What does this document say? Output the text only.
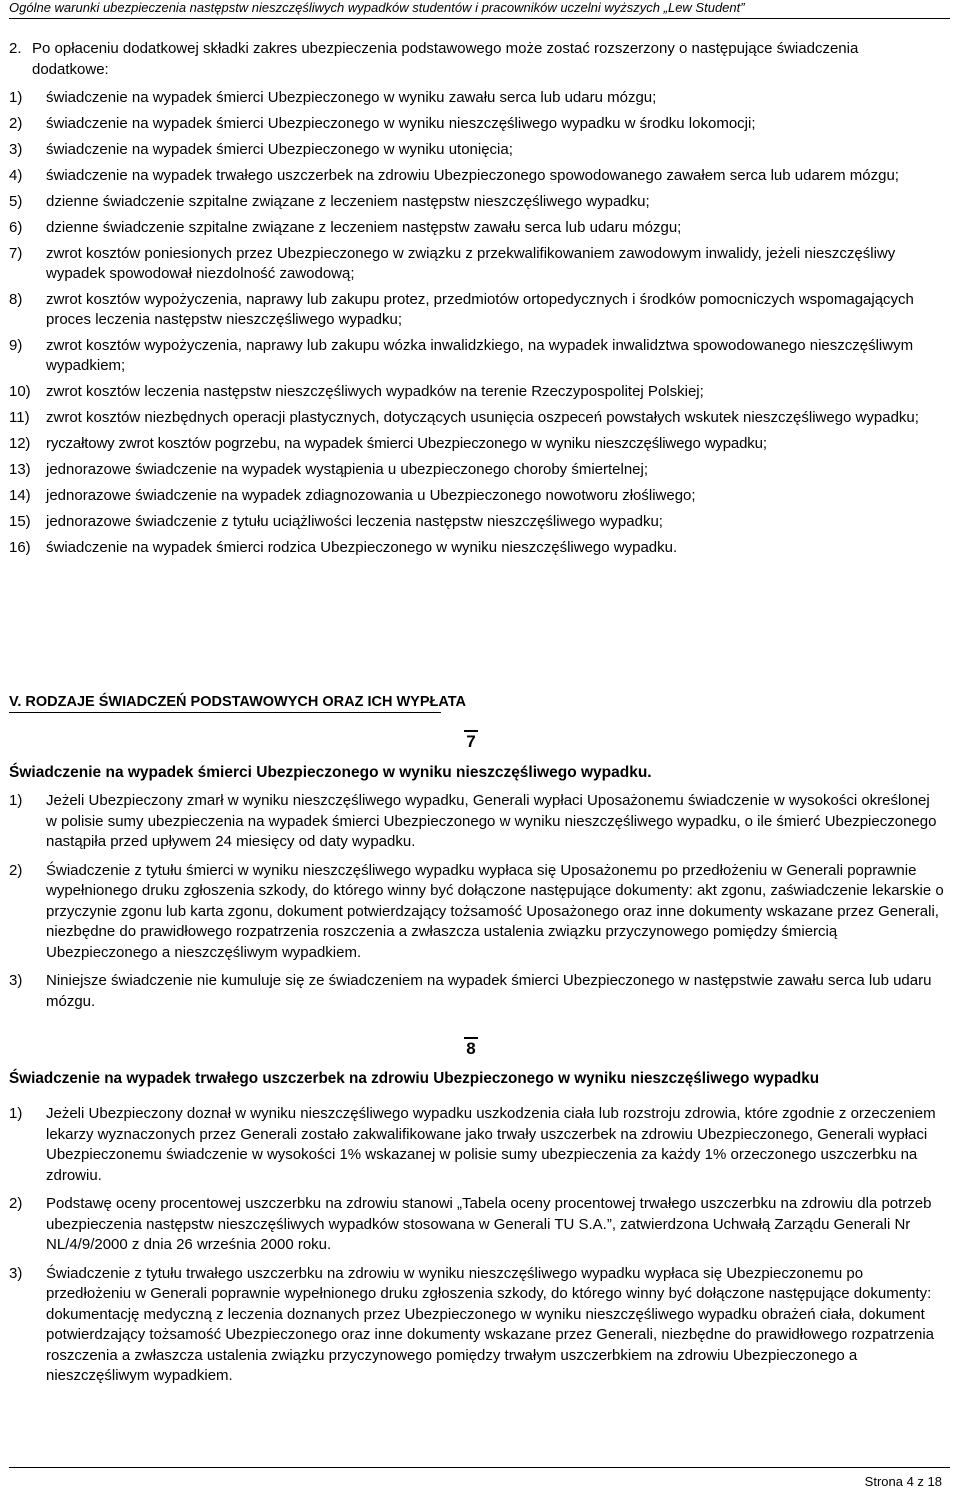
Ogólne warunki ubezpieczenia następstw nieszczęśliwych wypadków studentów i pracowników uczelni wyższych „Lew Student”
2. Po opłaceniu dodatkowej składki zakres ubezpieczenia podstawowego może zostać rozszerzony o następujące świadczenia dodatkowe:
1) świadczenie na wypadek śmierci Ubezpieczonego w wyniku zawału serca lub udaru mózgu;
2) świadczenie na wypadek śmierci Ubezpieczonego w wyniku nieszczęśliwego wypadku w środku lokomocji;
3) świadczenie na wypadek śmierci Ubezpieczonego w wyniku utonięcia;
4) świadczenie na wypadek trwałego uszczerbek na zdrowiu Ubezpieczonego spowodowanego zawałem serca lub udarem mózgu;
5) dzienne świadczenie szpitalne związane z leczeniem następstw nieszczęśliwego wypadku;
6) dzienne świadczenie szpitalne związane z leczeniem następstw zawału serca lub udaru mózgu;
7) zwrot kosztów poniesionych przez Ubezpieczonego w związku z przekwalifikowaniem zawodowym inwalidy, jeżeli nieszczęśliwy wypadek spowodował niezdolność zawodową;
8) zwrot kosztów wypożyczenia, naprawy lub zakupu protez, przedmiotów ortopedycznych i środków pomocniczych wspomagających proces leczenia następstw nieszczęśliwego wypadku;
9) zwrot kosztów wypożyczenia, naprawy lub zakupu wózka inwalidzkiego, na wypadek inwalidztwa spowodowanego nieszczęśliwym wypadkiem;
10) zwrot kosztów leczenia następstw nieszczęśliwych wypadków na terenie Rzeczypospolitej Polskiej;
11) zwrot kosztów niezbędnych operacji plastycznych, dotyczących usunięcia oszpeceń powstałych wskutek nieszczęśliwego wypadku;
12) ryczałtowy zwrot kosztów pogrzebu, na wypadek śmierci Ubezpieczonego w wyniku nieszczęśliwego wypadku;
13) jednorazowe świadczenie na wypadek wystąpienia u ubezpieczonego choroby śmiertelnej;
14) jednorazowe świadczenie na wypadek zdiagnozowania u Ubezpieczonego nowotworu złośliwego;
15) jednorazowe świadczenie z tytułu uciążliwości leczenia następstw nieszczęśliwego wypadku;
16) świadczenie na wypadek śmierci rodzica Ubezpieczonego w wyniku nieszczęśliwego wypadku.
V. RODZAJE ŚWIADCZEŃ PODSTAWOWYCH ORAZ ICH WYPŁATA
7
Świadczenie na wypadek śmierci Ubezpieczonego w wyniku nieszczęśliwego wypadku.
1) Jeżeli Ubezpieczony zmarł w wyniku nieszczęśliwego wypadku, Generali wypłaci Uposażonemu świadczenie w wysokości określonej w polisie sumy ubezpieczenia na wypadek śmierci Ubezpieczonego w wyniku nieszczęśliwego wypadku, o ile śmierć Ubezpieczonego nastąpiła przed upływem 24 miesięcy od daty wypadku.
2) Świadczenie z tytułu śmierci w wyniku nieszczęśliwego wypadku wypłaca się Uposażonemu po przedłożeniu w Generali poprawnie wypełnionego druku zgłoszenia szkody, do którego winny być dołączone następujące dokumenty: akt zgonu, zaświadczenie lekarskie o przyczynie zgonu lub karta zgonu, dokument potwierdzający tożsamość Uposażonego oraz inne dokumenty wskazane przez Generali, niezbędne do prawidłowego rozpatrzenia roszczenia a zwłaszcza ustalenia związku przyczynowego pomiędzy śmiercią Ubezpieczonego a nieszczęśliwym wypadkiem.
3) Niniejsze świadczenie nie kumuluje się ze świadczeniem na wypadek śmierci Ubezpieczonego w następstwie zawału serca lub udaru mózgu.
8
Świadczenie na wypadek trwałego uszczerbek na zdrowiu Ubezpieczonego w wyniku nieszczęśliwego wypadku
1) Jeżeli Ubezpieczony doznał w wyniku nieszczęśliwego wypadku uszkodzenia ciała lub rozstroju zdrowia, które zgodnie z orzeczeniem lekarzy wyznaczonych przez Generali zostało zakwalifikowane jako trwały uszczerbek na zdrowiu Ubezpieczonego, Generali wypłaci Ubezpieczonemu świadczenie w wysokości 1% wskazanej w polisie sumy ubezpieczenia za każdy 1% orzeczonego uszczerbku na zdrowiu.
2) Podstawę oceny procentowej uszczerbku na zdrowiu stanowi „Tabela oceny procentowej trwałego uszczerbku na zdrowiu dla potrzeb ubezpieczenia następstw nieszczęśliwych wypadków stosowana w Generali TU S.A.”, zatwierdzona Uchwałą Zarządu Generali Nr NL/4/9/2000 z dnia 26 września 2000 roku.
3) Świadczenie z tytułu trwałego uszczerbku na zdrowiu w wyniku nieszczęśliwego wypadku wypłaca się Ubezpieczonemu po przedłożeniu w Generali poprawnie wypełnionego druku zgłoszenia szkody, do którego winny być dołączone następujące dokumenty: dokumentację medyczną z leczenia doznanych przez Ubezpieczonego w wyniku nieszczęśliwego wypadku obrażeń ciała, dokument potwierdzający tożsamość Ubezpieczonego oraz inne dokumenty wskazane przez Generali, niezbędne do prawidłowego rozpatrzenia roszczenia a zwłaszcza ustalenia związku przyczynowego pomiędzy trwałym uszczerbkiem na zdrowiu Ubezpieczonego a nieszczęśliwym wypadkiem.
Strona 4 z 18
